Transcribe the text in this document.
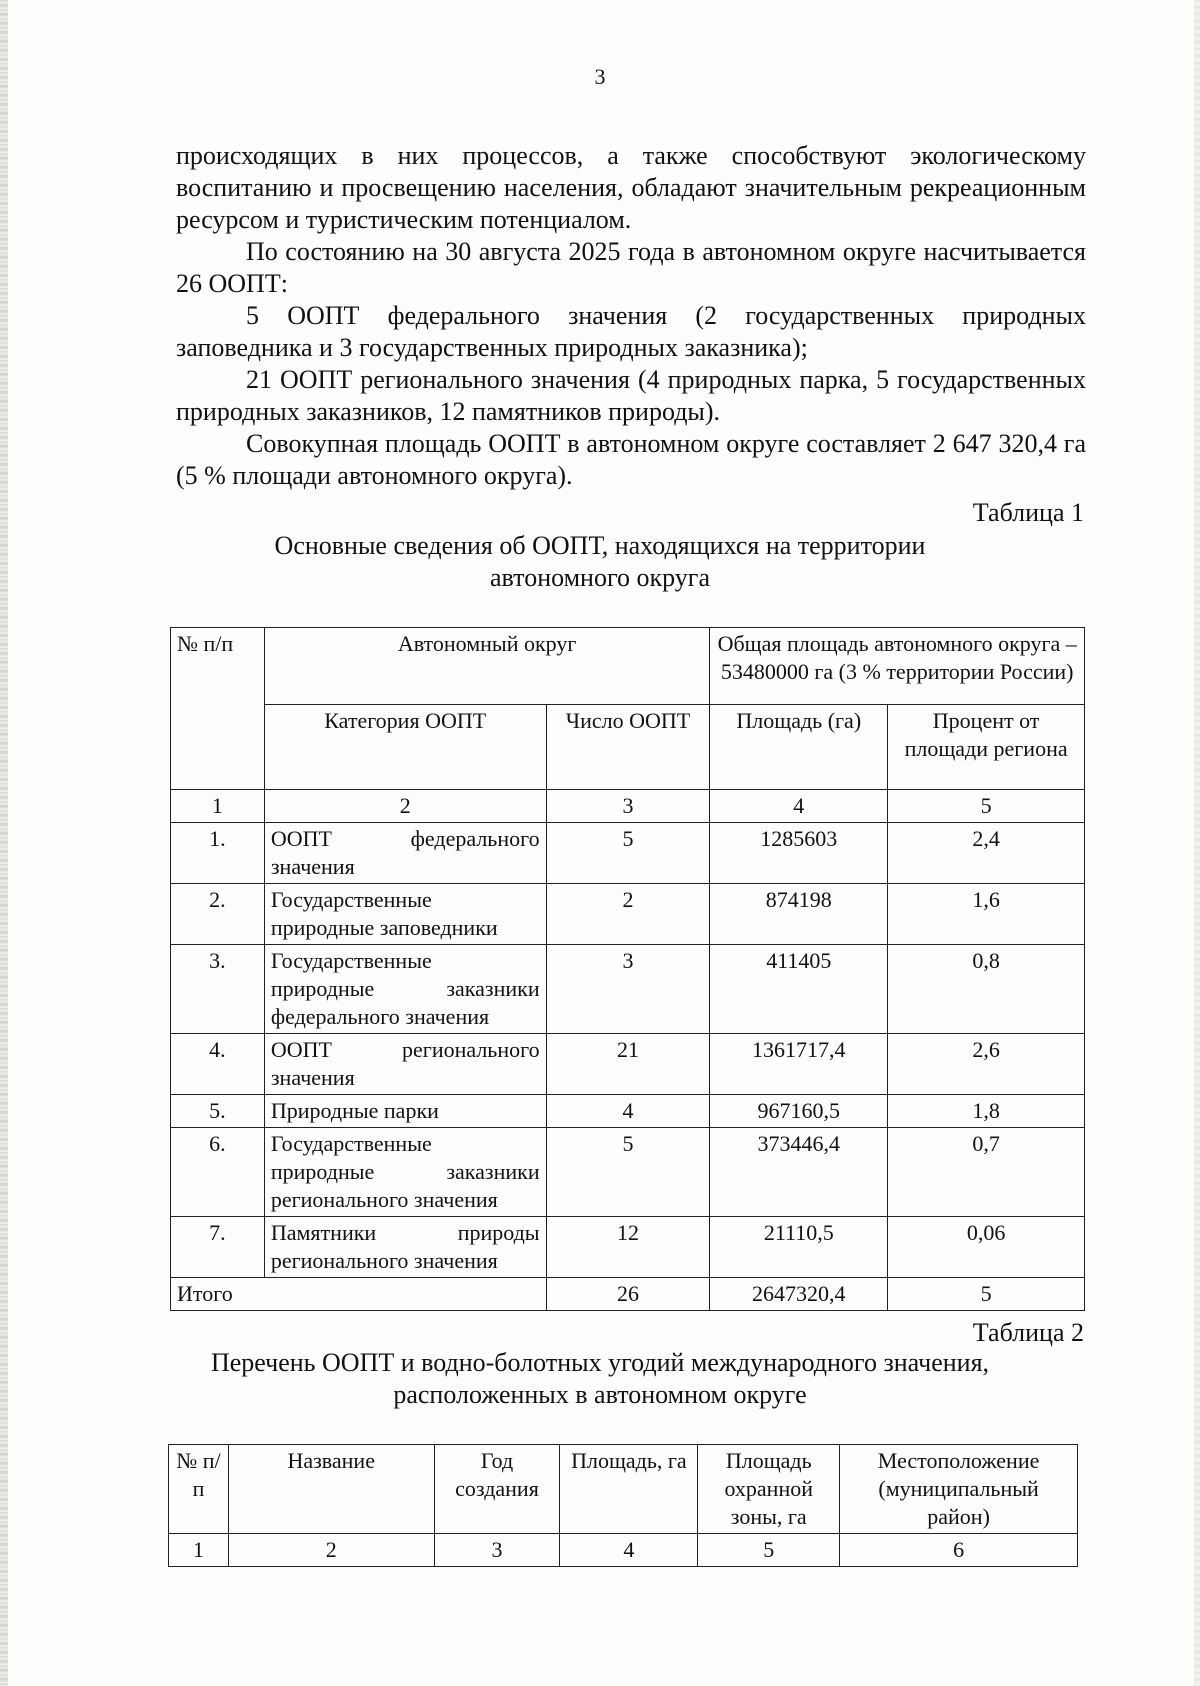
3

происходящих в них процессов, а также способствуют экологическому воспитанию и просвещению населения, обладают значительным рекреационным ресурсом и туристическим потенциалом.

По состоянию на 30 августа 2025 года в автономном округе насчитывается 26 ООПТ:

5 ООПТ федерального значения (2 государственных природных заповедника и 3 государственных природных заказника);

21 ООПТ регионального значения (4 природных парка, 5 государственных природных заказников, 12 памятников природы).

Совокупная площадь ООПТ в автономном округе составляет 2 647 320,4 га (5 % площади автономного округа).

Таблица 1
Основные сведения об ООПТ, находящихся на территории
автономного округа
№ п/п	Автономный округ		Общая площадь автономного округа – 53480000 га (3 % территории России)	
	Категория ООПТ	Число ООПТ	Площадь (га)	Процент от площади региона
1	2	3	4	5
1.	ООПТ федерального значения	5	1285603	2,4
2.	Государственные природные заповедники	2	874198	1,6
3.	Государственные природные заказники федерального значения	3	411405	0,8
4.	ООПТ регионального значения	21	1361717,4	2,6
5.	Природные парки	4	967160,5	1,8
6.	Государственные природные заказники регионального значения	5	373446,4	0,7
7.	Памятники природы регионального значения	12	21110,5	0,06
Итого		26	2647320,4	5
Таблица 2
Перечень ООПТ и водно-болотных угодий международного значения,
расположенных в автономном округе
№ п/п	Название	Год создания	Площадь, га	Площадь охранной зоны, га	Местоположение (муниципальный район)
1	2	3	4	5	6
